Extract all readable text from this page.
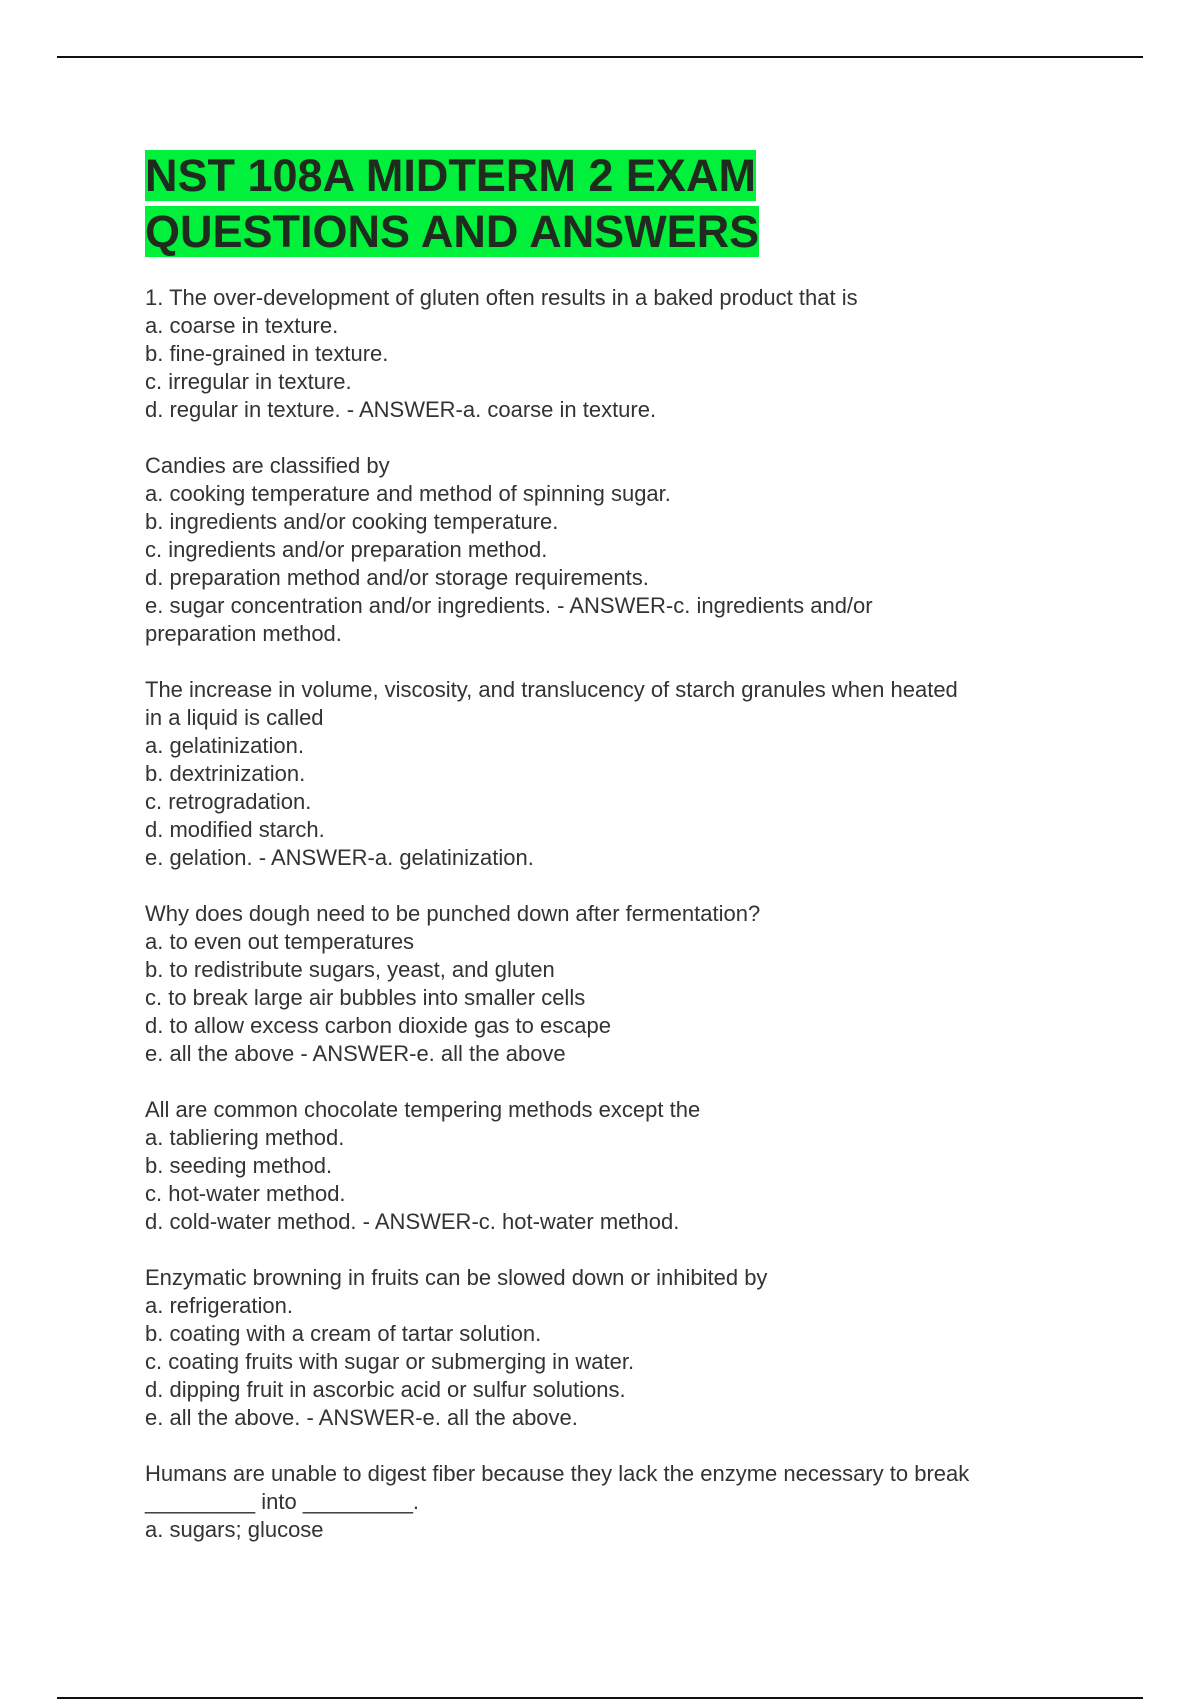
NST 108A MIDTERM 2 EXAM QUESTIONS AND ANSWERS
1. The over-development of gluten often results in a baked product that is
a. coarse in texture.
b. fine-grained in texture.
c. irregular in texture.
d. regular in texture. - ANSWER-a. coarse in texture.
Candies are classified by
a. cooking temperature and method of spinning sugar.
b. ingredients and/or cooking temperature.
c. ingredients and/or preparation method.
d. preparation method and/or storage requirements.
e. sugar concentration and/or ingredients. - ANSWER-c. ingredients and/or
preparation method.
The increase in volume, viscosity, and translucency of starch granules when heated
in a liquid is called
a. gelatinization.
b. dextrinization.
c. retrogradation.
d. modified starch.
e. gelation. - ANSWER-a. gelatinization.
Why does dough need to be punched down after fermentation?
a. to even out temperatures
b. to redistribute sugars, yeast, and gluten
c. to break large air bubbles into smaller cells
d. to allow excess carbon dioxide gas to escape
e. all the above - ANSWER-e. all the above
All are common chocolate tempering methods except the
a. tabliering method.
b. seeding method.
c. hot-water method.
d. cold-water method. - ANSWER-c. hot-water method.
Enzymatic browning in fruits can be slowed down or inhibited by
a. refrigeration.
b. coating with a cream of tartar solution.
c. coating fruits with sugar or submerging in water.
d. dipping fruit in ascorbic acid or sulfur solutions.
e. all the above. - ANSWER-e. all the above.
Humans are unable to digest fiber because they lack the enzyme necessary to break
_________ into _________.
a. sugars; glucose
